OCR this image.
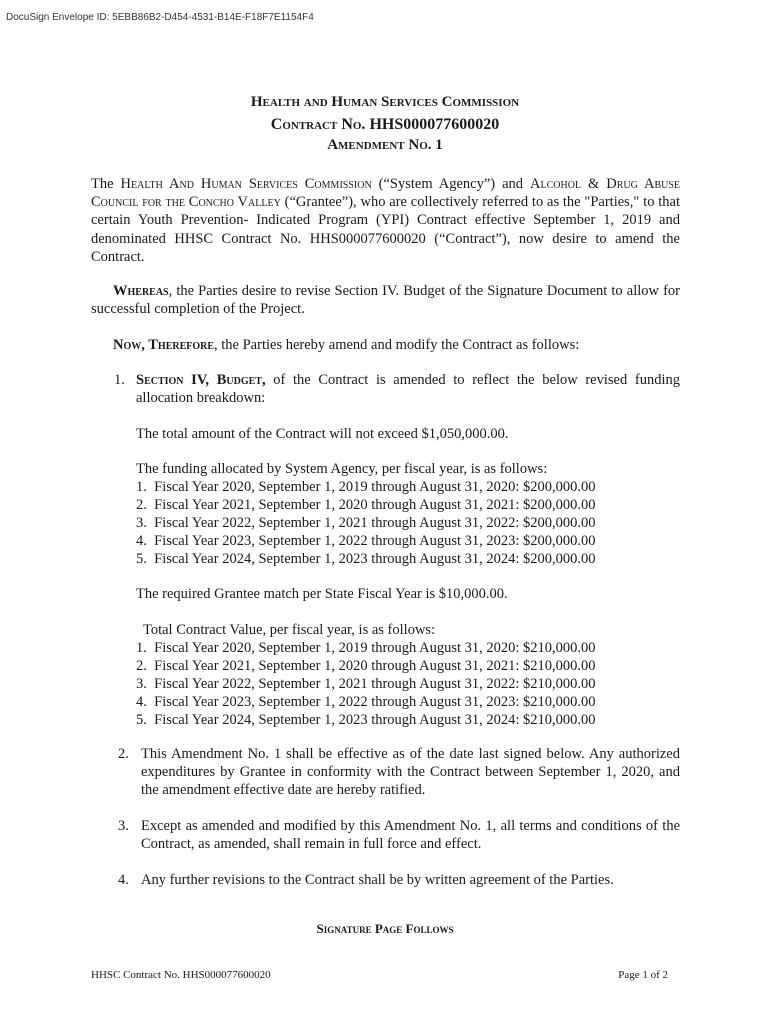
DocuSign Envelope ID: 5EBB86B2-D454-4531-B14E-F18F7E1154F4
Health and Human Services Commission
Contract No. HHS000077600020
Amendment No. 1

The Health And Human Services Commission (“System Agency”) and Alcohol & Drug Abuse Council for the Concho Valley (“Grantee”), who are collectively referred to as the "Parties," to that certain Youth Prevention- Indicated Program (YPI) Contract effective September 1, 2019 and denominated HHSC Contract No. HHS000077600020 (“Contract”), now desire to amend the Contract.

Whereas, the Parties desire to revise Section IV. Budget of the Signature Document to allow for successful completion of the Project.

Now, Therefore, the Parties hereby amend and modify the Contract as follows:

1. Section IV, Budget, of the Contract is amended to reflect the below revised funding allocation breakdown:

The total amount of the Contract will not exceed $1,050,000.00.
The funding allocated by System Agency, per fiscal year, is as follows:
1. Fiscal Year 2020, September 1, 2019 through August 31, 2020: $200,000.00
2. Fiscal Year 2021, September 1, 2020 through August 31, 2021: $200,000.00
3. Fiscal Year 2022, September 1, 2021 through August 31, 2022: $200,000.00
4. Fiscal Year 2023, September 1, 2022 through August 31, 2023: $200,000.00
5. Fiscal Year 2024, September 1, 2023 through August 31, 2024: $200,000.00
The required Grantee match per State Fiscal Year is $10,000.00.
Total Contract Value, per fiscal year, is as follows:
1. Fiscal Year 2020, September 1, 2019 through August 31, 2020: $210,000.00
2. Fiscal Year 2021, September 1, 2020 through August 31, 2021: $210,000.00
3. Fiscal Year 2022, September 1, 2021 through August 31, 2022: $210,000.00
4. Fiscal Year 2023, September 1, 2022 through August 31, 2023: $210,000.00
5. Fiscal Year 2024, September 1, 2023 through August 31, 2024: $210,000.00
2. This Amendment No. 1 shall be effective as of the date last signed below. Any authorized expenditures by Grantee in conformity with the Contract between September 1, 2020, and the amendment effective date are hereby ratified.

3. Except as amended and modified by this Amendment No. 1, all terms and conditions of the Contract, as amended, shall remain in full force and effect.

4. Any further revisions to the Contract shall be by written agreement of the Parties.

Signature Page Follows
HHSC Contract No. HHS000077600020	Page 1 of 2
